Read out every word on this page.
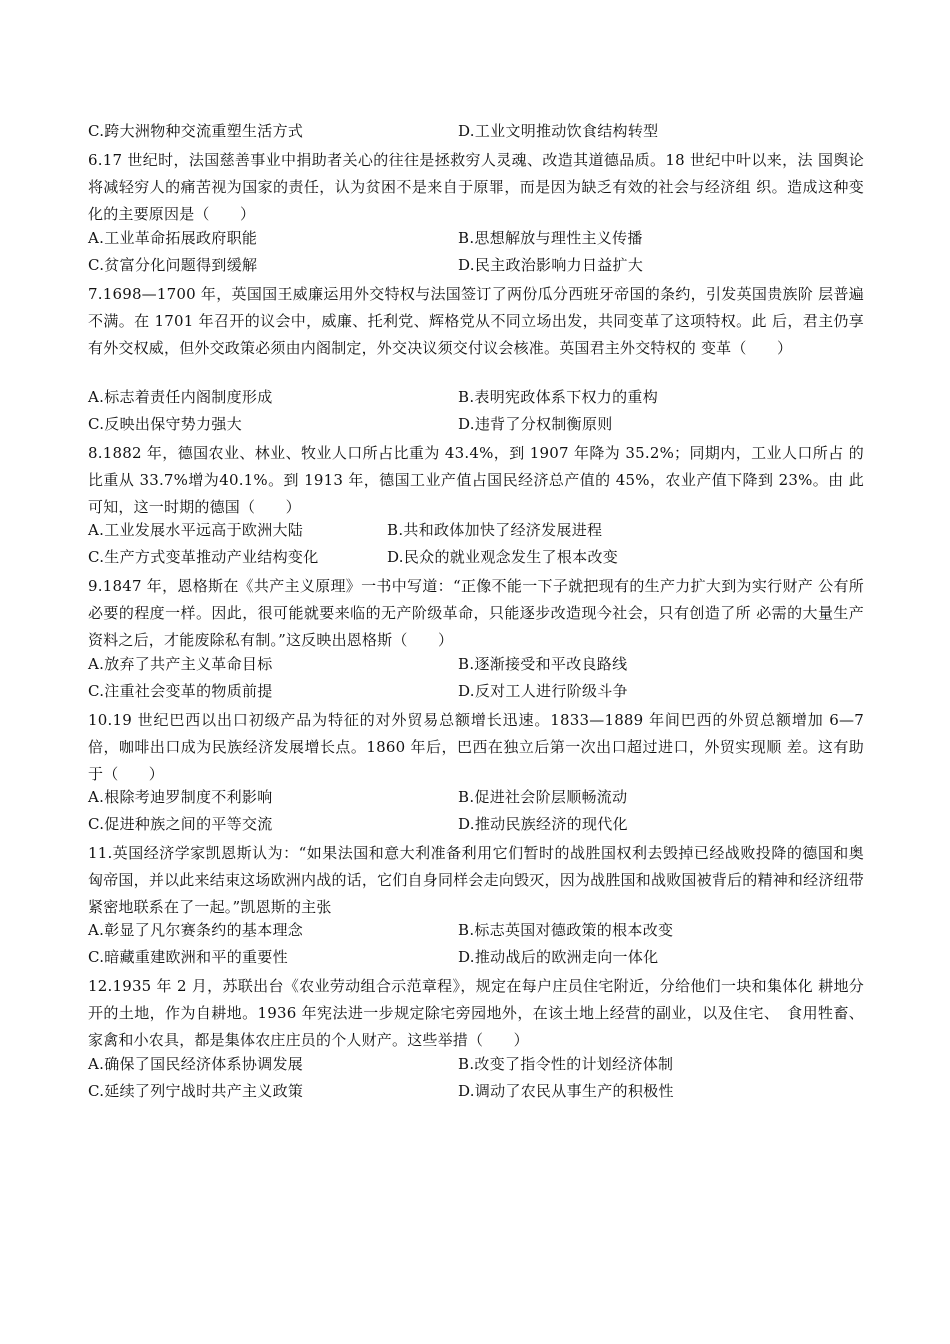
C.跨大洲物种交流重塑生活方式	D.工业文明推动饮食结构转型
6.17 世纪时，法国慈善事业中捐助者关心的往往是拯救穷人灵魂、改造其道德品质。18 世纪中叶以来，法 国舆论将减轻穷人的痛苦视为国家的责任，认为贫困不是来自于原罪，而是因为缺乏有效的社会与经济组 织。造成这种变化的主要原因是（　　）
A.工业革命拓展政府职能	B.思想解放与理性主义传播
C.贫富分化问题得到缓解	D.民主政治影响力日益扩大
7.1698—1700 年，英国国王威廉运用外交特权与法国签订了两份瓜分西班牙帝国的条约，引发英国贵族阶 层普遍不满。在 1701 年召开的议会中，威廉、托利党、辉格党从不同立场出发，共同变革了这项特权。此 后，君主仍享有外交权威，但外交政策必须由内阁制定，外交决议须交付议会核准。英国君主外交特权的 变革（　　）
A.标志着责任内阁制度形成	B.表明宪政体系下权力的重构
C.反映出保守势力强大	D.违背了分权制衡原则
8.1882 年，德国农业、林业、牧业人口所占比重为 43.4%，到 1907 年降为 35.2%；同期内，工业人口所占 的比重从 33.7%增为40.1%。到 1913 年，德国工业产值占国民经济总产值的 45%，农业产值下降到 23%。由 此可知，这一时期的德国（　　）
A.工业发展水平远高于欧洲大陆	B.共和政体加快了经济发展进程
C.生产方式变革推动产业结构变化	D.民众的就业观念发生了根本改变
9.1847 年，恩格斯在《共产主义原理》一书中写道：“正像不能一下子就把现有的生产力扩大到为实行财产 公有所必要的程度一样。因此，很可能就要来临的无产阶级革命，只能逐步改造现今社会，只有创造了所 必需的大量生产资料之后，才能废除私有制。”这反映出恩格斯（　　）
A.放弃了共产主义革命目标	B.逐渐接受和平改良路线
C.注重社会变革的物质前提	D.反对工人进行阶级斗争
10.19 世纪巴西以出口初级产品为特征的对外贸易总额增长迅速。1833—1889 年间巴西的外贸总额增加 6—7 倍，咖啡出口成为民族经济发展增长点。1860 年后，巴西在独立后第一次出口超过进口，外贸实现顺 差。这有助于（　　）
A.根除考迪罗制度不利影响	B.促进社会阶层顺畅流动
C.促进种族之间的平等交流	D.推动民族经济的现代化
11.英国经济学家凯恩斯认为：“如果法国和意大利准备利用它们暂时的战胜国权利去毁掉已经战败投降的德国和奥匈帝国，并以此来结束这场欧洲内战的话，它们自身同样会走向毁灭，因为战胜国和战败国被背后的精神和经济纽带紧密地联系在了一起。”凯恩斯的主张
A.彰显了凡尔赛条约的基本理念	B.标志英国对德政策的根本改变
C.暗藏重建欧洲和平的重要性	D.推动战后的欧洲走向一体化
12.1935 年 2 月，苏联出台《农业劳动组合示范章程》，规定在每户庄员住宅附近，分给他们一块和集体化 耕地分开的土地，作为自耕地。1936 年宪法进一步规定除宅旁园地外，在该土地上经营的副业，以及住宅、　食用牲畜、家禽和小农具，都是集体农庄庄员的个人财产。这些举措（　　）
A.确保了国民经济体系协调发展	B.改变了指令性的计划经济体制
C.延续了列宁战时共产主义政策	D.调动了农民从事生产的积极性
